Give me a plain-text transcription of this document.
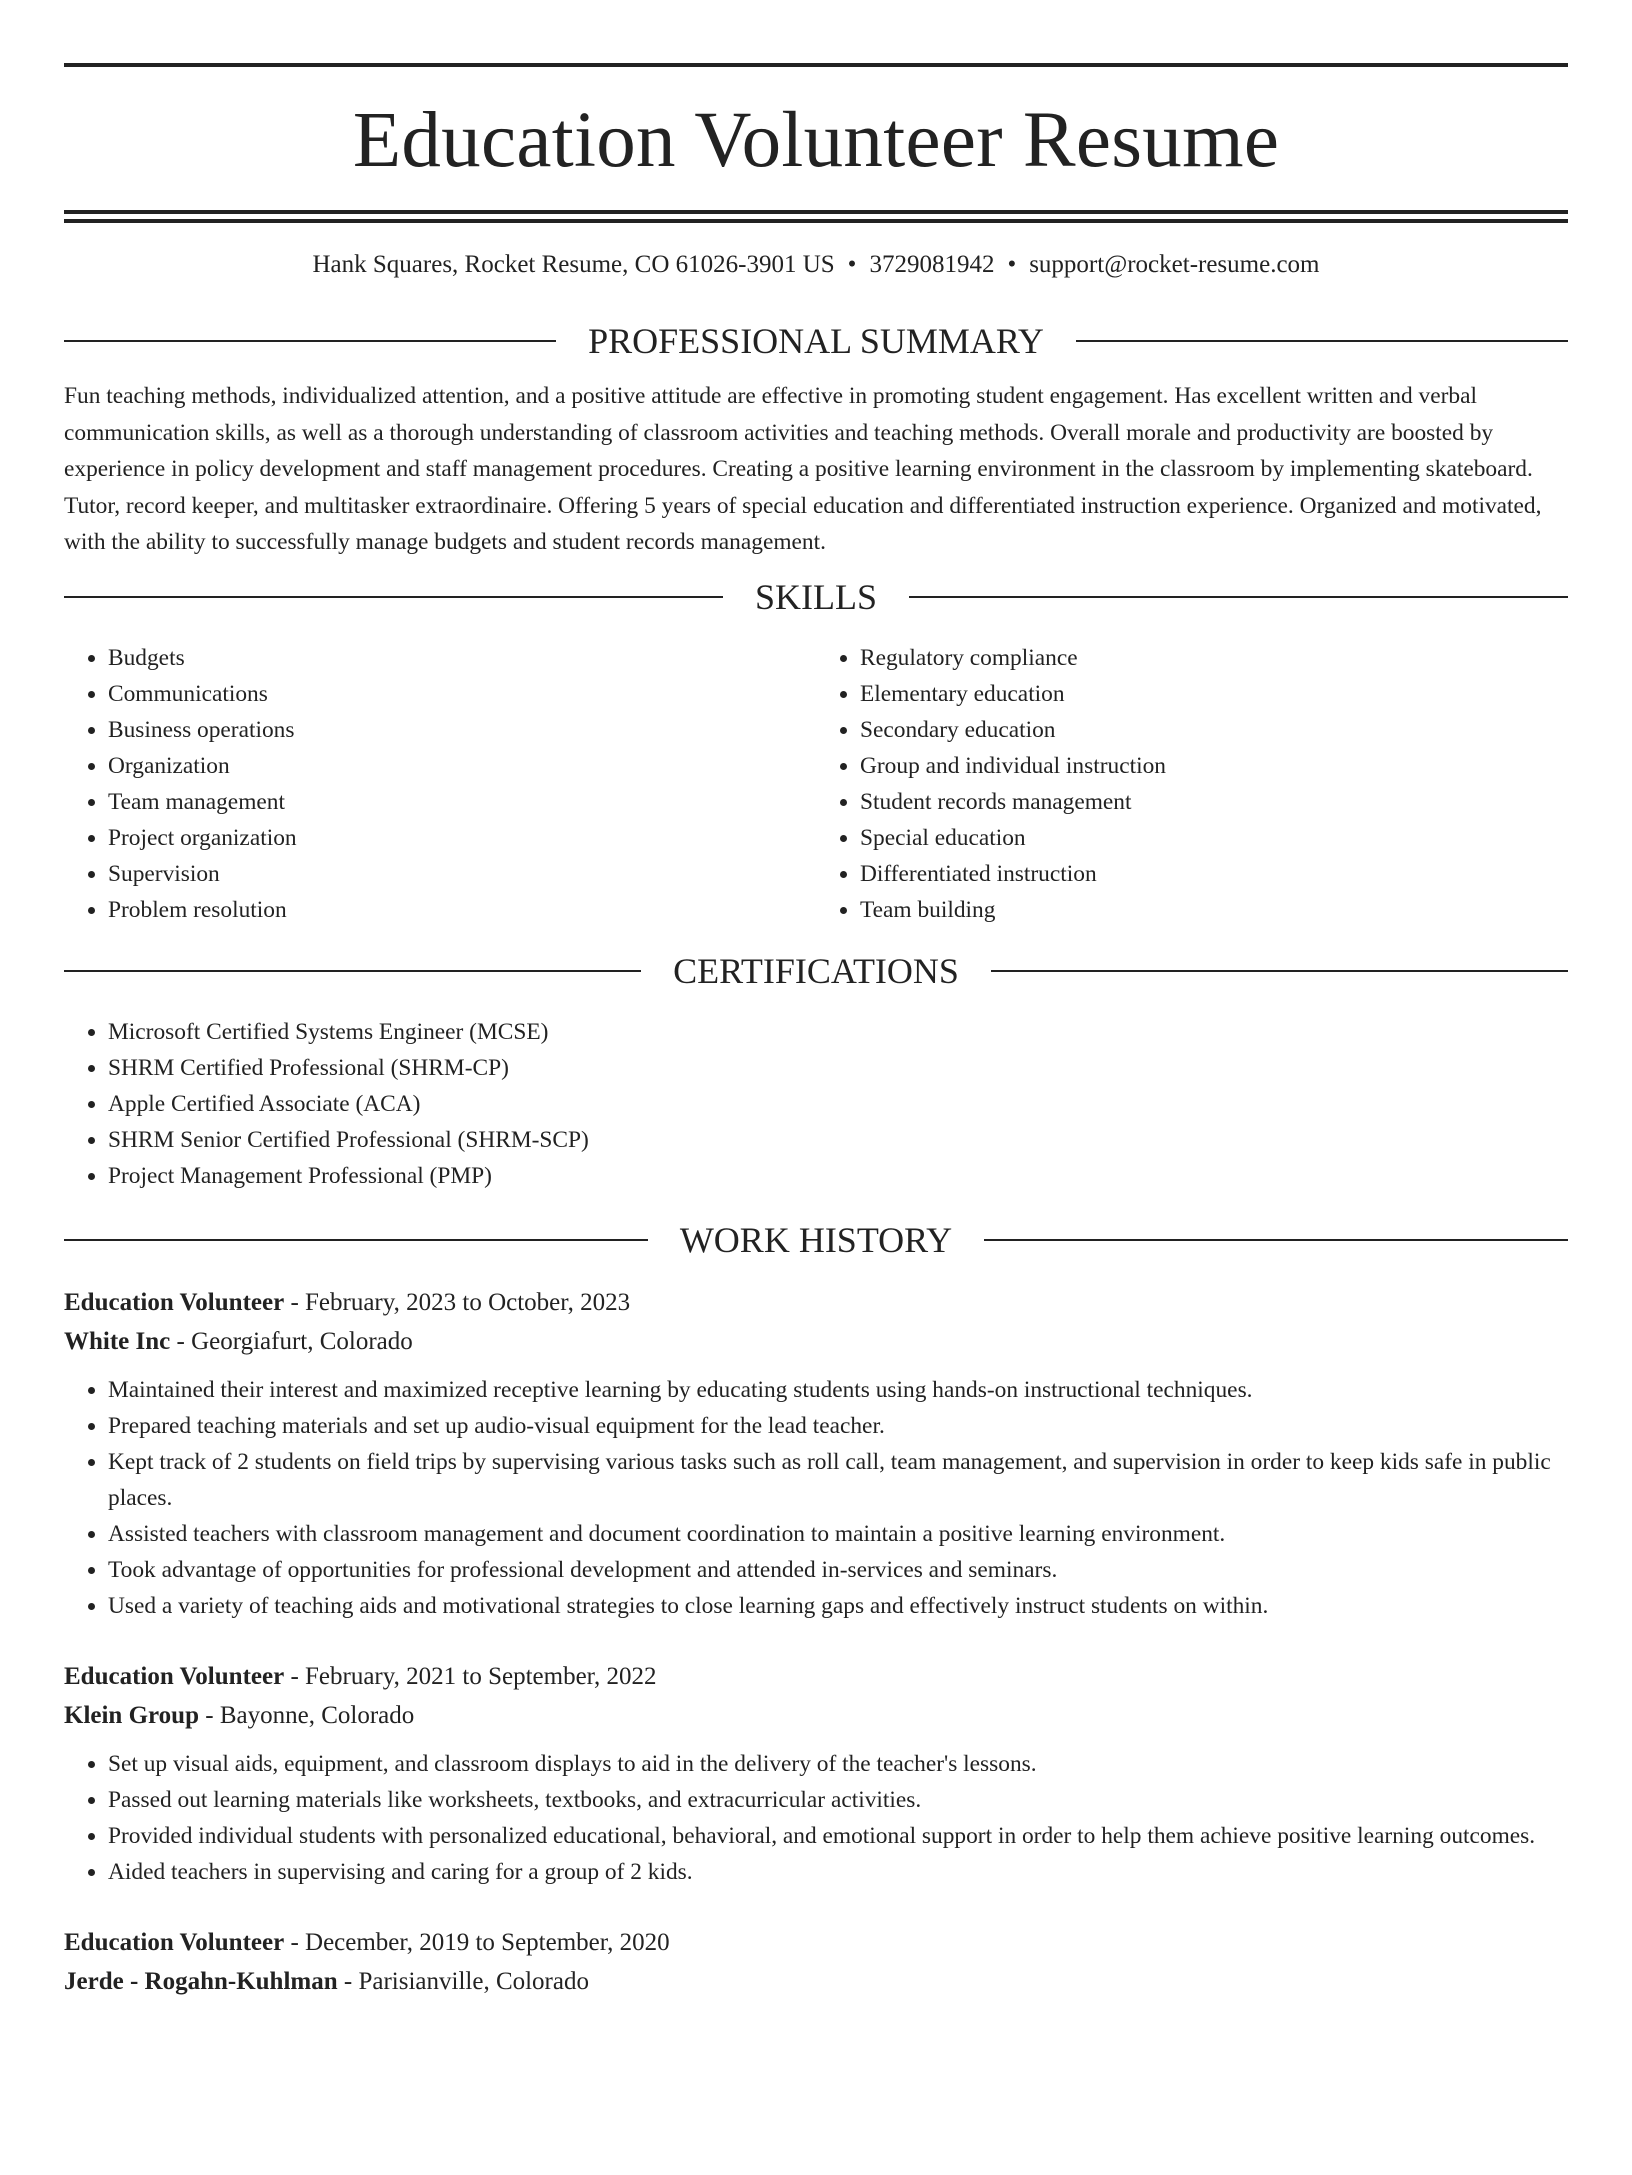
Education Volunteer Resume
Hank Squares, Rocket Resume, CO 61026-3901 US • 3729081942 • support@rocket-resume.com
PROFESSIONAL SUMMARY
Fun teaching methods, individualized attention, and a positive attitude are effective in promoting student engagement. Has excellent written and verbal communication skills, as well as a thorough understanding of classroom activities and teaching methods. Overall morale and productivity are boosted by experience in policy development and staff management procedures. Creating a positive learning environment in the classroom by implementing skateboard. Tutor, record keeper, and multitasker extraordinaire. Offering 5 years of special education and differentiated instruction experience. Organized and motivated, with the ability to successfully manage budgets and student records management.
SKILLS
• Budgets
• Communications
• Business operations
• Organization
• Team management
• Project organization
• Supervision
• Problem resolution
• Regulatory compliance
• Elementary education
• Secondary education
• Group and individual instruction
• Student records management
• Special education
• Differentiated instruction
• Team building
CERTIFICATIONS
• Microsoft Certified Systems Engineer (MCSE)
• SHRM Certified Professional (SHRM-CP)
• Apple Certified Associate (ACA)
• SHRM Senior Certified Professional (SHRM-SCP)
• Project Management Professional (PMP)
WORK HISTORY
Education Volunteer - February, 2023 to October, 2023
White Inc - Georgiafurt, Colorado
• Maintained their interest and maximized receptive learning by educating students using hands-on instructional techniques.
• Prepared teaching materials and set up audio-visual equipment for the lead teacher.
• Kept track of 2 students on field trips by supervising various tasks such as roll call, team management, and supervision in order to keep kids safe in public places.
• Assisted teachers with classroom management and document coordination to maintain a positive learning environment.
• Took advantage of opportunities for professional development and attended in-services and seminars.
• Used a variety of teaching aids and motivational strategies to close learning gaps and effectively instruct students on within.
Education Volunteer - February, 2021 to September, 2022
Klein Group - Bayonne, Colorado
• Set up visual aids, equipment, and classroom displays to aid in the delivery of the teacher's lessons.
• Passed out learning materials like worksheets, textbooks, and extracurricular activities.
• Provided individual students with personalized educational, behavioral, and emotional support in order to help them achieve positive learning outcomes.
• Aided teachers in supervising and caring for a group of 2 kids.
Education Volunteer - December, 2019 to September, 2020
Jerde - Rogahn-Kuhlman - Parisianville, Colorado
